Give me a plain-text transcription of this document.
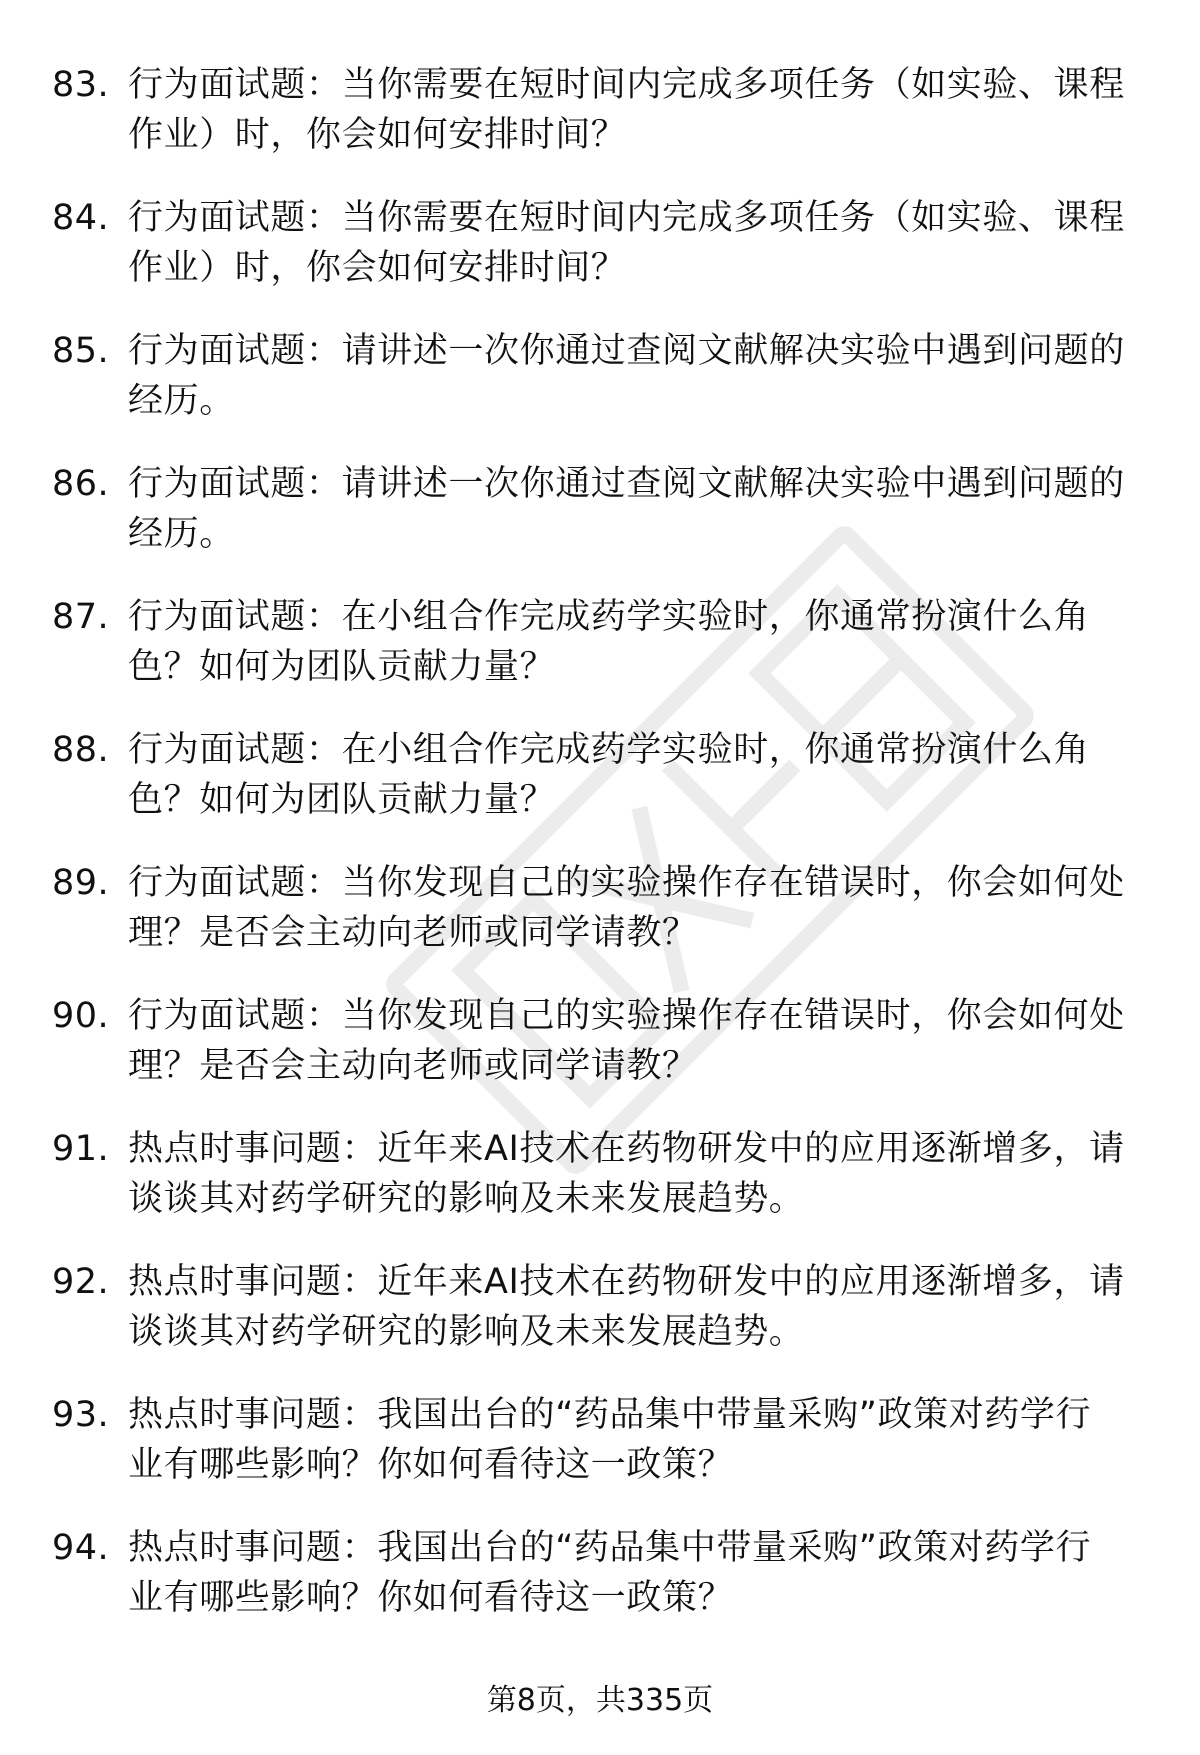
83. 行为面试题：当你需要在短时间内完成多项任务（如实验、课程
作业）时，你会如何安排时间？
84. 行为面试题：当你需要在短时间内完成多项任务（如实验、课程
作业）时，你会如何安排时间？
85. 行为面试题：请讲述一次你通过查阅文献解决实验中遇到问题的
经历。
86. 行为面试题：请讲述一次你通过查阅文献解决实验中遇到问题的
经历。
87. 行为面试题：在小组合作完成药学实验时，你通常扮演什么角
色？如何为团队贡献力量？
88. 行为面试题：在小组合作完成药学实验时，你通常扮演什么角
色？如何为团队贡献力量？
89. 行为面试题：当你发现自己的实验操作存在错误时，你会如何处
理？是否会主动向老师或同学请教？
90. 行为面试题：当你发现自己的实验操作存在错误时，你会如何处
理？是否会主动向老师或同学请教？
91. 热点时事问题：近年来AI技术在药物研发中的应用逐渐增多，请
谈谈其对药学研究的影响及未来发展趋势。
92. 热点时事问题：近年来AI技术在药物研发中的应用逐渐增多，请
谈谈其对药学研究的影响及未来发展趋势。
93. 热点时事问题：我国出台的“药品集中带量采购”政策对药学行
业有哪些影响？你如何看待这一政策？
94. 热点时事问题：我国出台的“药品集中带量采购”政策对药学行
业有哪些影响？你如何看待这一政策？
第8页，共335页
